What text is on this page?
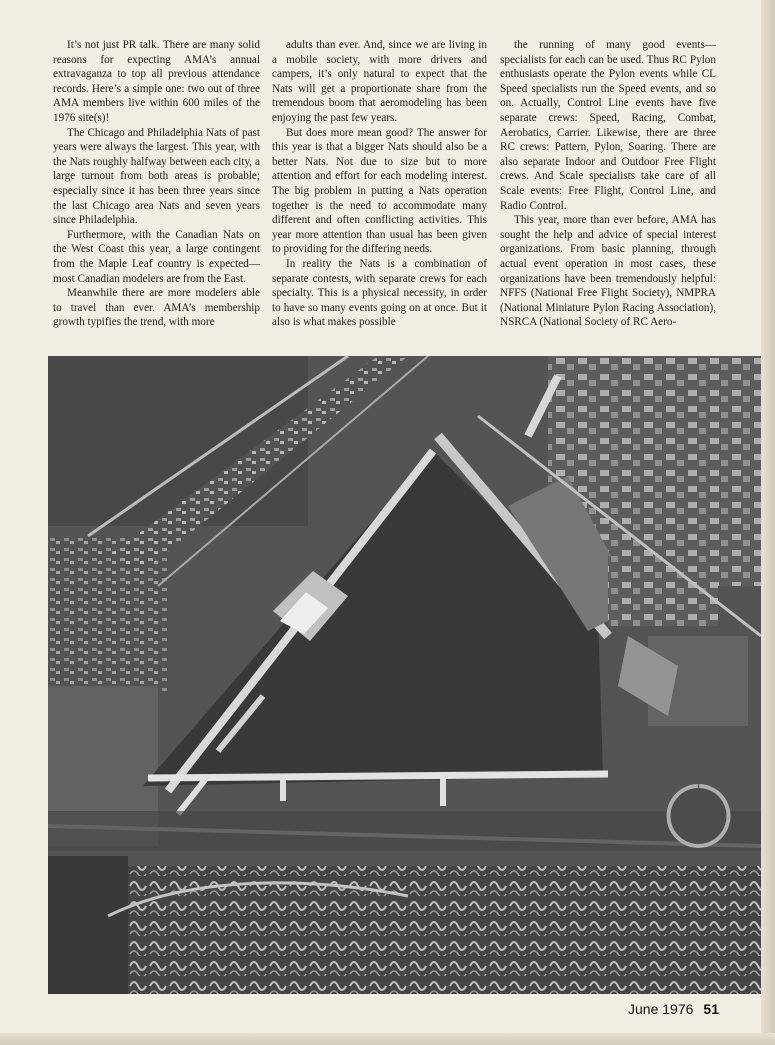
It’s not just PR talk. There are many solid reasons for expecting AMA’s annual extravaganza to top all previous attendance records. Here’s a simple one: two out of three AMA members live within 600 miles of the 1976 site(s)!

The Chicago and Philadelphia Nats of past years were always the largest. This year, with the Nats roughly halfway between each city, a large turnout from both areas is probable; especially since it has been three years since the last Chicago area Nats and seven years since Philadelphia.

Furthermore, with the Canadian Nats on the West Coast this year, a large contingent from the Maple Leaf country is expected—most Canadian modelers are from the East.

Meanwhile there are more modelers able to travel than ever. AMA’s membership growth typifies the trend, with more

adults than ever. And, since we are living in a mobile society, with more drivers and campers, it’s only natural to expect that the Nats will get a proportionate share from the tremendous boom that aeromodeling has been enjoying the past few years.

But does more mean good? The answer for this year is that a bigger Nats should also be a better Nats. Not due to size but to more attention and effort for each modeling interest. The big problem in putting a Nats operation together is the need to accommodate many different and often conflicting activities. This year more attention than usual has been given to providing for the differing needs.

In reality the Nats is a combination of separate contests, with separate crews for each specialty. This is a physical necessity, in order to have so many events going on at once. But it also is what makes possible

the running of many good events—specialists for each can be used. Thus RC Pylon enthusiasts operate the Pylon events while CL Speed specialists run the Speed events, and so on. Actually, Control Line events have five separate crews: Speed, Racing, Combat, Aerobatics, Carrier. Likewise, there are three RC crews: Pattern, Pylon, Soaring. There are also separate Indoor and Outdoor Free Flight crews. And Scale specialists take care of all Scale events: Free Flight, Control Line, and Radio Control.

This year, more than ever before, AMA has sought the help and advice of special interest organizations. From basic planning, through actual event operation in most cases, these organizations have been tremendously helpful: NFFS (National Free Flight Society), NMPRA (National Miniature Pylon Racing Association), NSRCA (National Society of RC Aero-

June 1976 51
